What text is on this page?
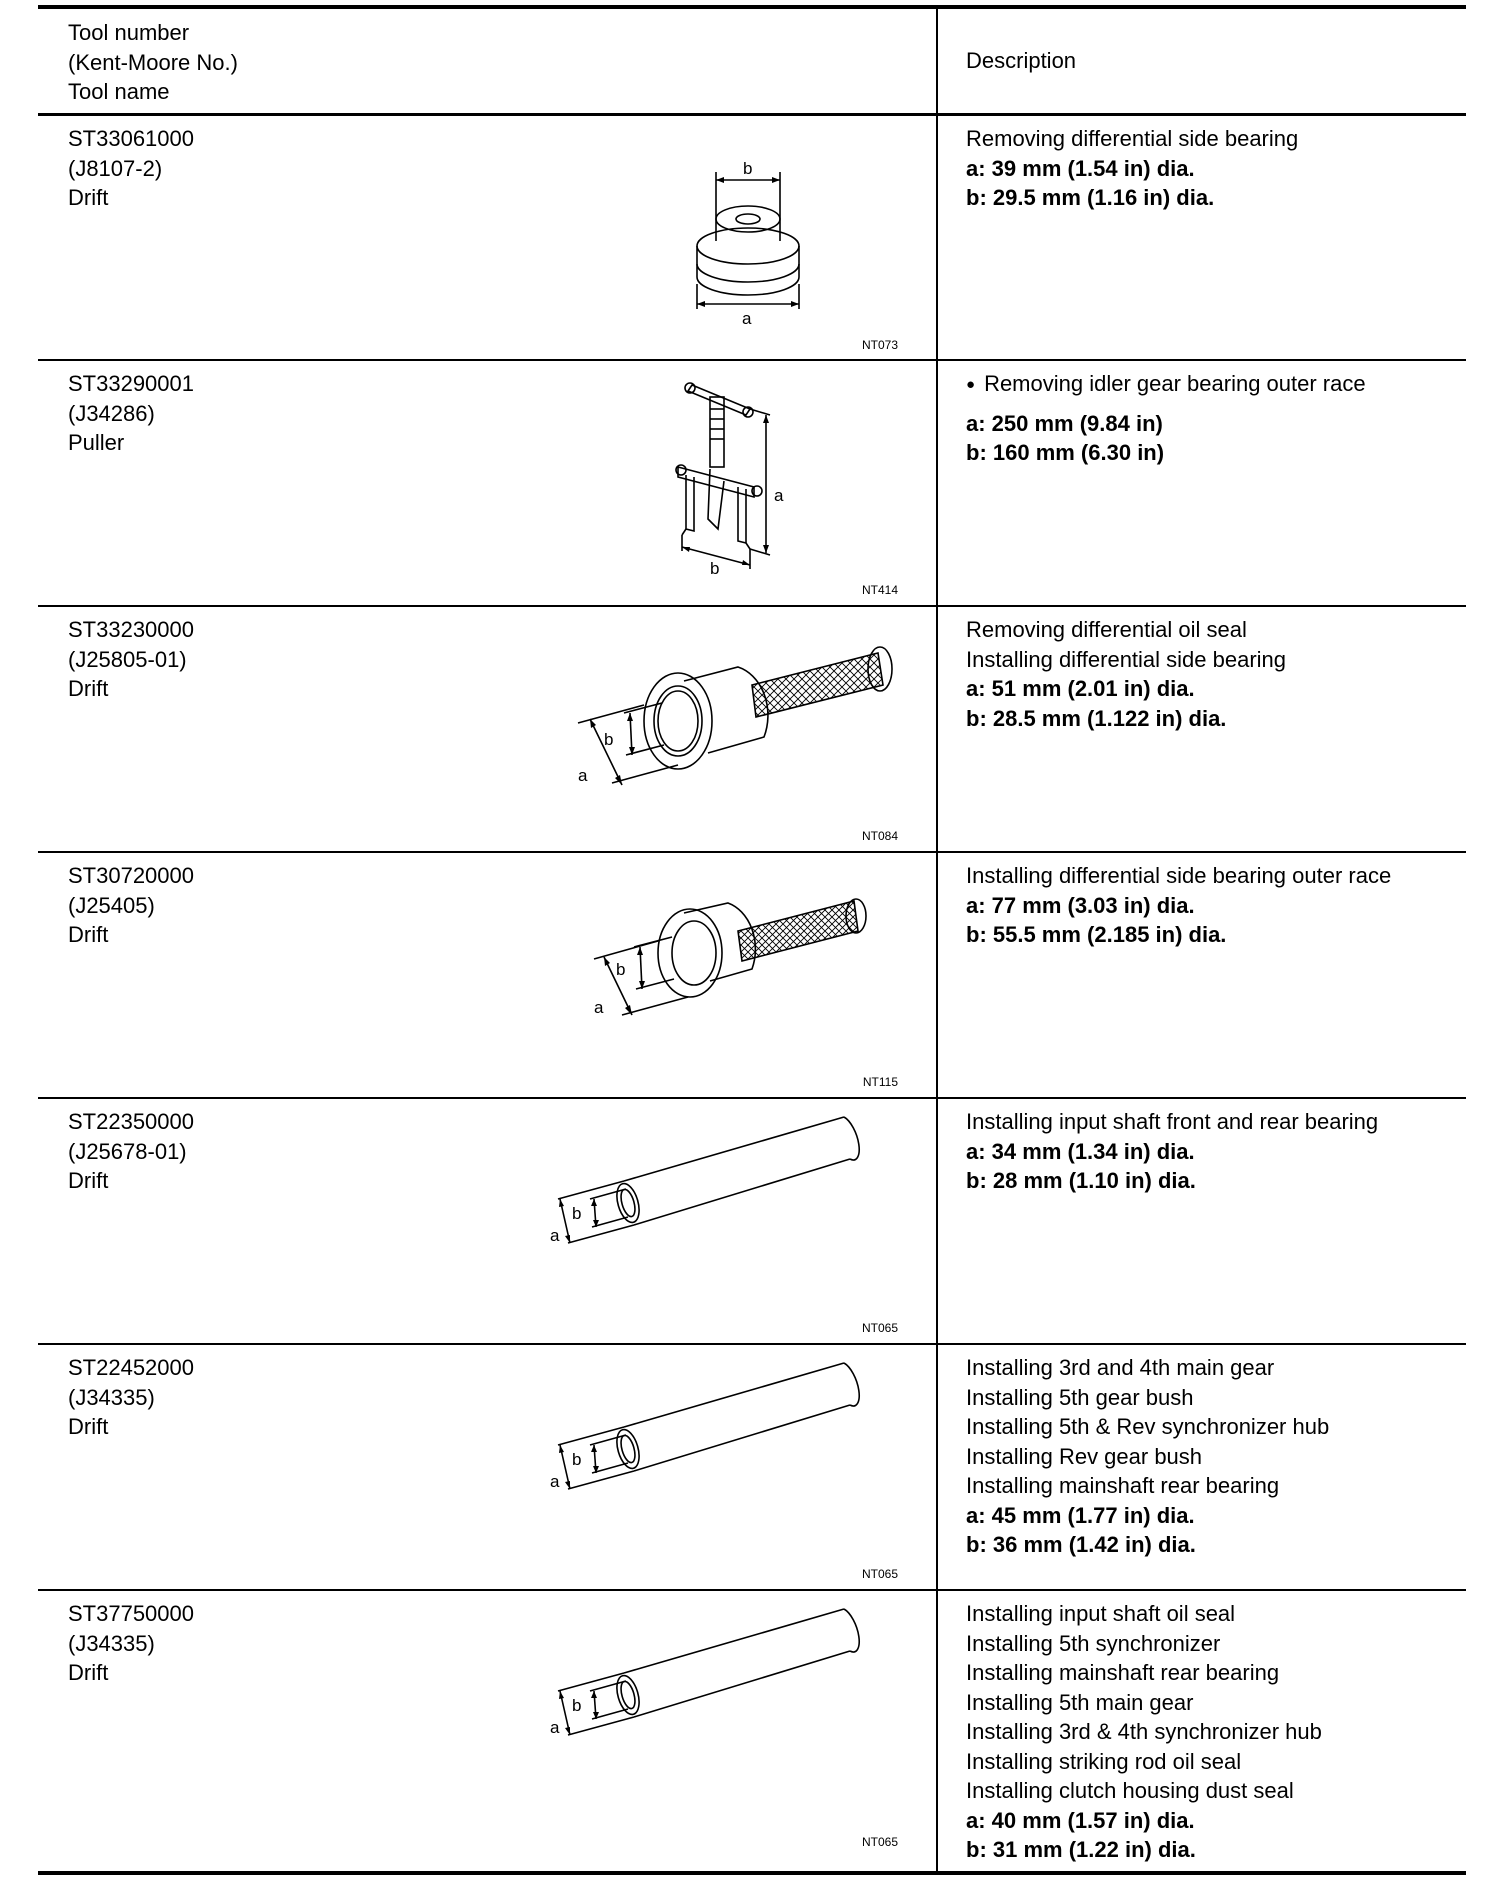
Tool number
(Kent-Moore No.)
Tool name
Description
ST33061000
(J8107-2)
Drift
b
a
NT073
Removing differential side bearing
a: 39 mm (1.54 in) dia.
b: 29.5 mm (1.16 in) dia.
ST33290001
(J34286)
Puller
a
b
NT414
● Removing idler gear bearing outer race
a: 250 mm (9.84 in)
b: 160 mm (6.30 in)
ST33230000
(J25805-01)
Drift
a
b
NT084
Removing differential oil seal
Installing differential side bearing
a: 51 mm (2.01 in) dia.
b: 28.5 mm (1.122 in) dia.
ST30720000
(J25405)
Drift
a
b
NT115
Installing differential side bearing outer race
a: 77 mm (3.03 in) dia.
b: 55.5 mm (2.185 in) dia.
ST22350000
(J25678-01)
Drift
a
b
NT065
Installing input shaft front and rear bearing
a: 34 mm (1.34 in) dia.
b: 28 mm (1.10 in) dia.
ST22452000
(J34335)
Drift
a
b
NT065
Installing 3rd and 4th main gear
Installing 5th gear bush
Installing 5th & Rev synchronizer hub
Installing Rev gear bush
Installing mainshaft rear bearing
a: 45 mm (1.77 in) dia.
b: 36 mm (1.42 in) dia.
ST37750000
(J34335)
Drift
a
b
NT065
Installing input shaft oil seal
Installing 5th synchronizer
Installing mainshaft rear bearing
Installing 5th main gear
Installing 3rd & 4th synchronizer hub
Installing striking rod oil seal
Installing clutch housing dust seal
a: 40 mm (1.57 in) dia.
b: 31 mm (1.22 in) dia.
